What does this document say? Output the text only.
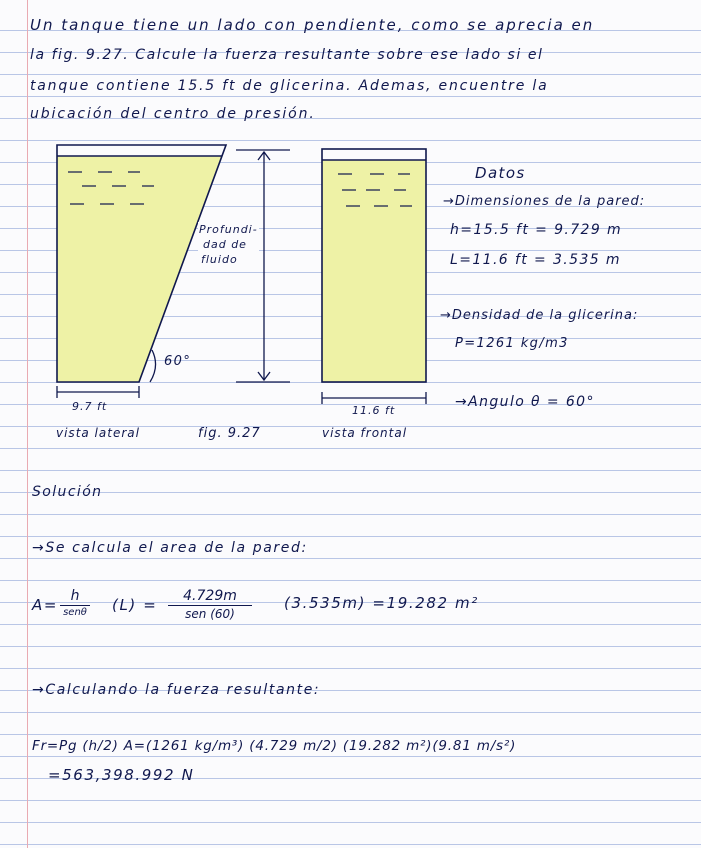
Un tanque tiene un lado con pendiente, como se aprecia en
la fig. 9.27. Calcule la fuerza resultante sobre ese lado si el
tanque contiene 15.5 ft de glicerina. Ademas, encuentre la
ubicación del centro de presión.
Profundi-
dad de
fluido
60°
9.7 ft
vista lateral	fig. 9.27
11.6 ft
vista frontal
Datos
→Dimensiones de la pared:
h=15.5 ft = 9.729 m
L=11.6 ft = 3.535 m
→Densidad de la glicerina:
P=1261 kg/m3
→Angulo θ = 60°
Solución
→Se calcula el area de la pared:
A= h
senθ (L) =	4.729m
sen (60)
(3.535m) =19.282 m²
→Calculando la fuerza resultante:
Fr=Pg (h/2) A=(1261 kg/m³) (4.729 m/2) (19.282 m²)(9.81 m/s²)
=563,398.992 N
